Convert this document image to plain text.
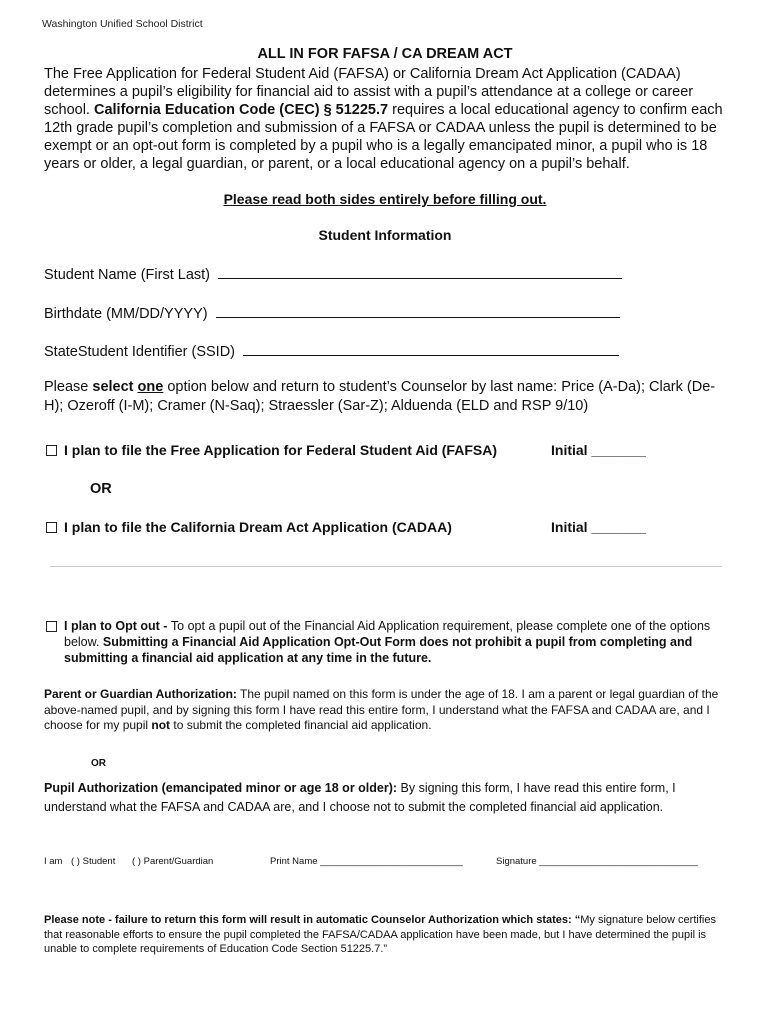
Washington Unified School District
ALL IN FOR FAFSA / CA DREAM ACT
The Free Application for Federal Student Aid (FAFSA) or California Dream Act Application (CADAA) determines a pupil’s eligibility for financial aid to assist with a pupil’s attendance at a college or career school. California Education Code (CEC) § 51225.7 requires a local educational agency to confirm each 12th grade pupil’s completion and submission of a FAFSA or CADAA unless the pupil is determined to be exempt or an opt-out form is completed by a pupil who is a legally emancipated minor, a pupil who is 18 years or older, a legal guardian, or parent, or a local educational agency on a pupil’s behalf.
Please read both sides entirely before filling out.
Student Information
Student Name (First Last)
Birthdate (MM/DD/YYYY)
StateStudent Identifier (SSID)
Please select one option below and return to student’s Counselor by last name: Price (A-Da); Clark (De-H); Ozeroff (I-M); Cramer (N-Saq); Straessler (Sar-Z); Alduenda (ELD and RSP 9/10)
I plan to file the Free Application for Federal Student Aid (FAFSA)	Initial _______
OR
I plan to file the California Dream Act Application (CADAA)	Initial _______
I plan to Opt out - To opt a pupil out of the Financial Aid Application requirement, please complete one of the options below. Submitting a Financial Aid Application Opt-Out Form does not prohibit a pupil from completing and submitting a financial aid application at any time in the future.
Parent or Guardian Authorization: The pupil named on this form is under the age of 18. I am a parent or legal guardian of the above-named pupil, and by signing this form I have read this entire form, I understand what the FAFSA and CADAA are, and I choose for my pupil not to submit the completed financial aid application.
OR
Pupil Authorization (emancipated minor or age 18 or older): By signing this form, I have read this entire form, I understand what the FAFSA and CADAA are, and I choose not to submit the completed financial aid application.
I am ( ) Student ( ) Parent/Guardian	Print Name ___________________________	Signature ______________________________
Please note - failure to return this form will result in automatic Counselor Authorization which states: “My signature below certifies that reasonable efforts to ensure the pupil completed the FAFSA/CADAA application have been made, but I have determined the pupil is unable to complete requirements of Education Code Section 51225.7.”
